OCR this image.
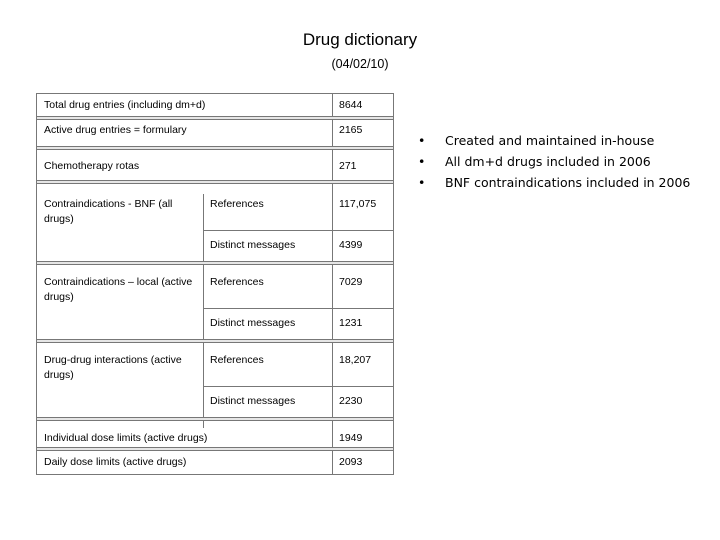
Drug dictionary
(04/02/10)
Total drug entries (including dm+d)	8644
Active drug entries = formulary	2165
Chemotherapy rotas	271
Contraindications - BNF (all drugs)
References	117,075
Distinct messages	4399
Contraindications – local (active drugs)
References	7029
Distinct messages	1231
Drug-drug interactions (active drugs)
References	18,207
Distinct messages	2230
Individual dose limits (active drugs)	1949
Daily dose limits (active drugs)	2093
• Created and maintained in-house
• All dm+d drugs included in 2006
• BNF contraindications included in 2006
